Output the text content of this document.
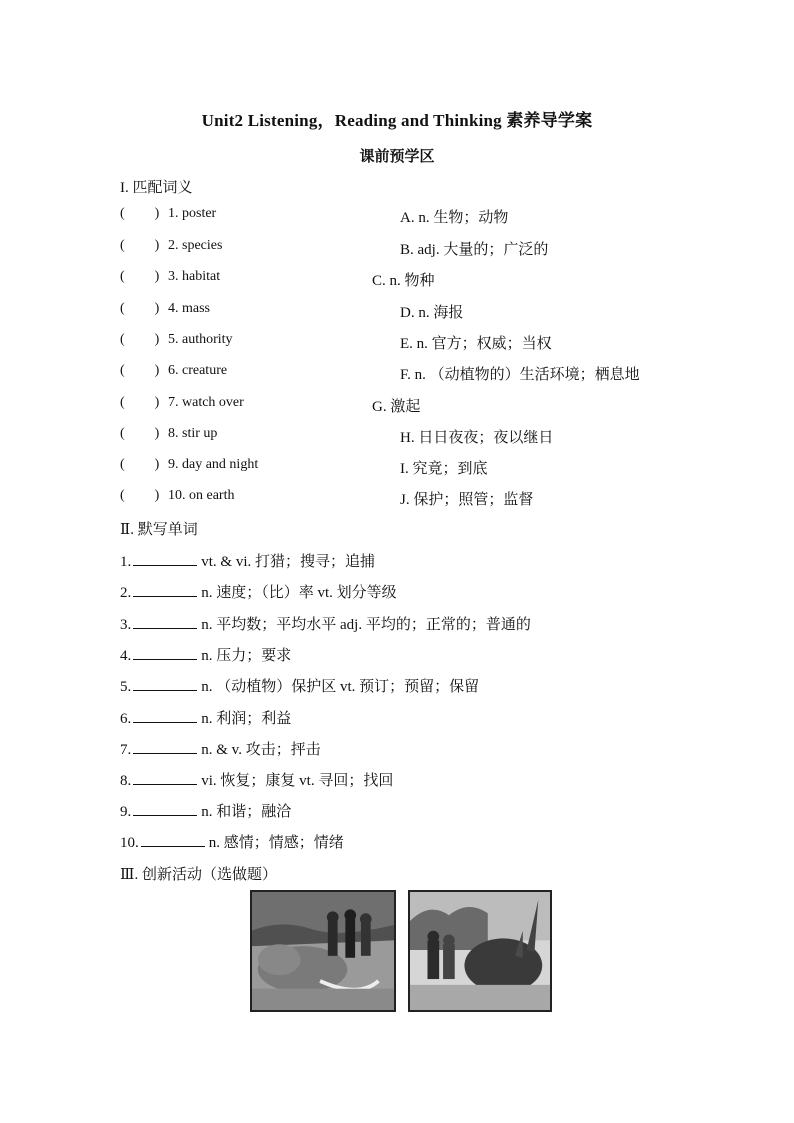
Unit2 Listening，Reading and Thinking 素养导学案
课前预学区
I. 匹配词义
( ) 1. poster	A. n. 生物；动物
( ) 2. species	B. adj. 大量的；广泛的
( ) 3. habitat	C. n. 物种
( ) 4. mass	D. n. 海报
( ) 5. authority	E. n. 官方；权威；当权
( ) 6. creature	F. n. （动植物的）生活环境；栖息地
( ) 7. watch over	G. 激起
( ) 8. stir up	H. 日日夜夜；夜以继日
( ) 9. day and night	I. 究竟；到底
( ) 10. on earth	J. 保护；照管；监督
Ⅱ. 默写单词
1.	vt. & vi. 打猎；搜寻；追捕
2.	n. 速度；（比）率 vt. 划分等级
3.	n. 平均数；平均水平 adj. 平均的；正常的；普通的
4.	n. 压力；要求
5.	n. （动植物）保护区 vt. 预订；预留；保留
6.	n. 利润；利益
7.	n. & v. 攻击；抨击
8.	vi. 恢复；康复 vt. 寻回；找回
9.	n. 和谐；融洽
10.	n. 感情；情感；情绪
Ⅲ. 创新活动（选做题）
